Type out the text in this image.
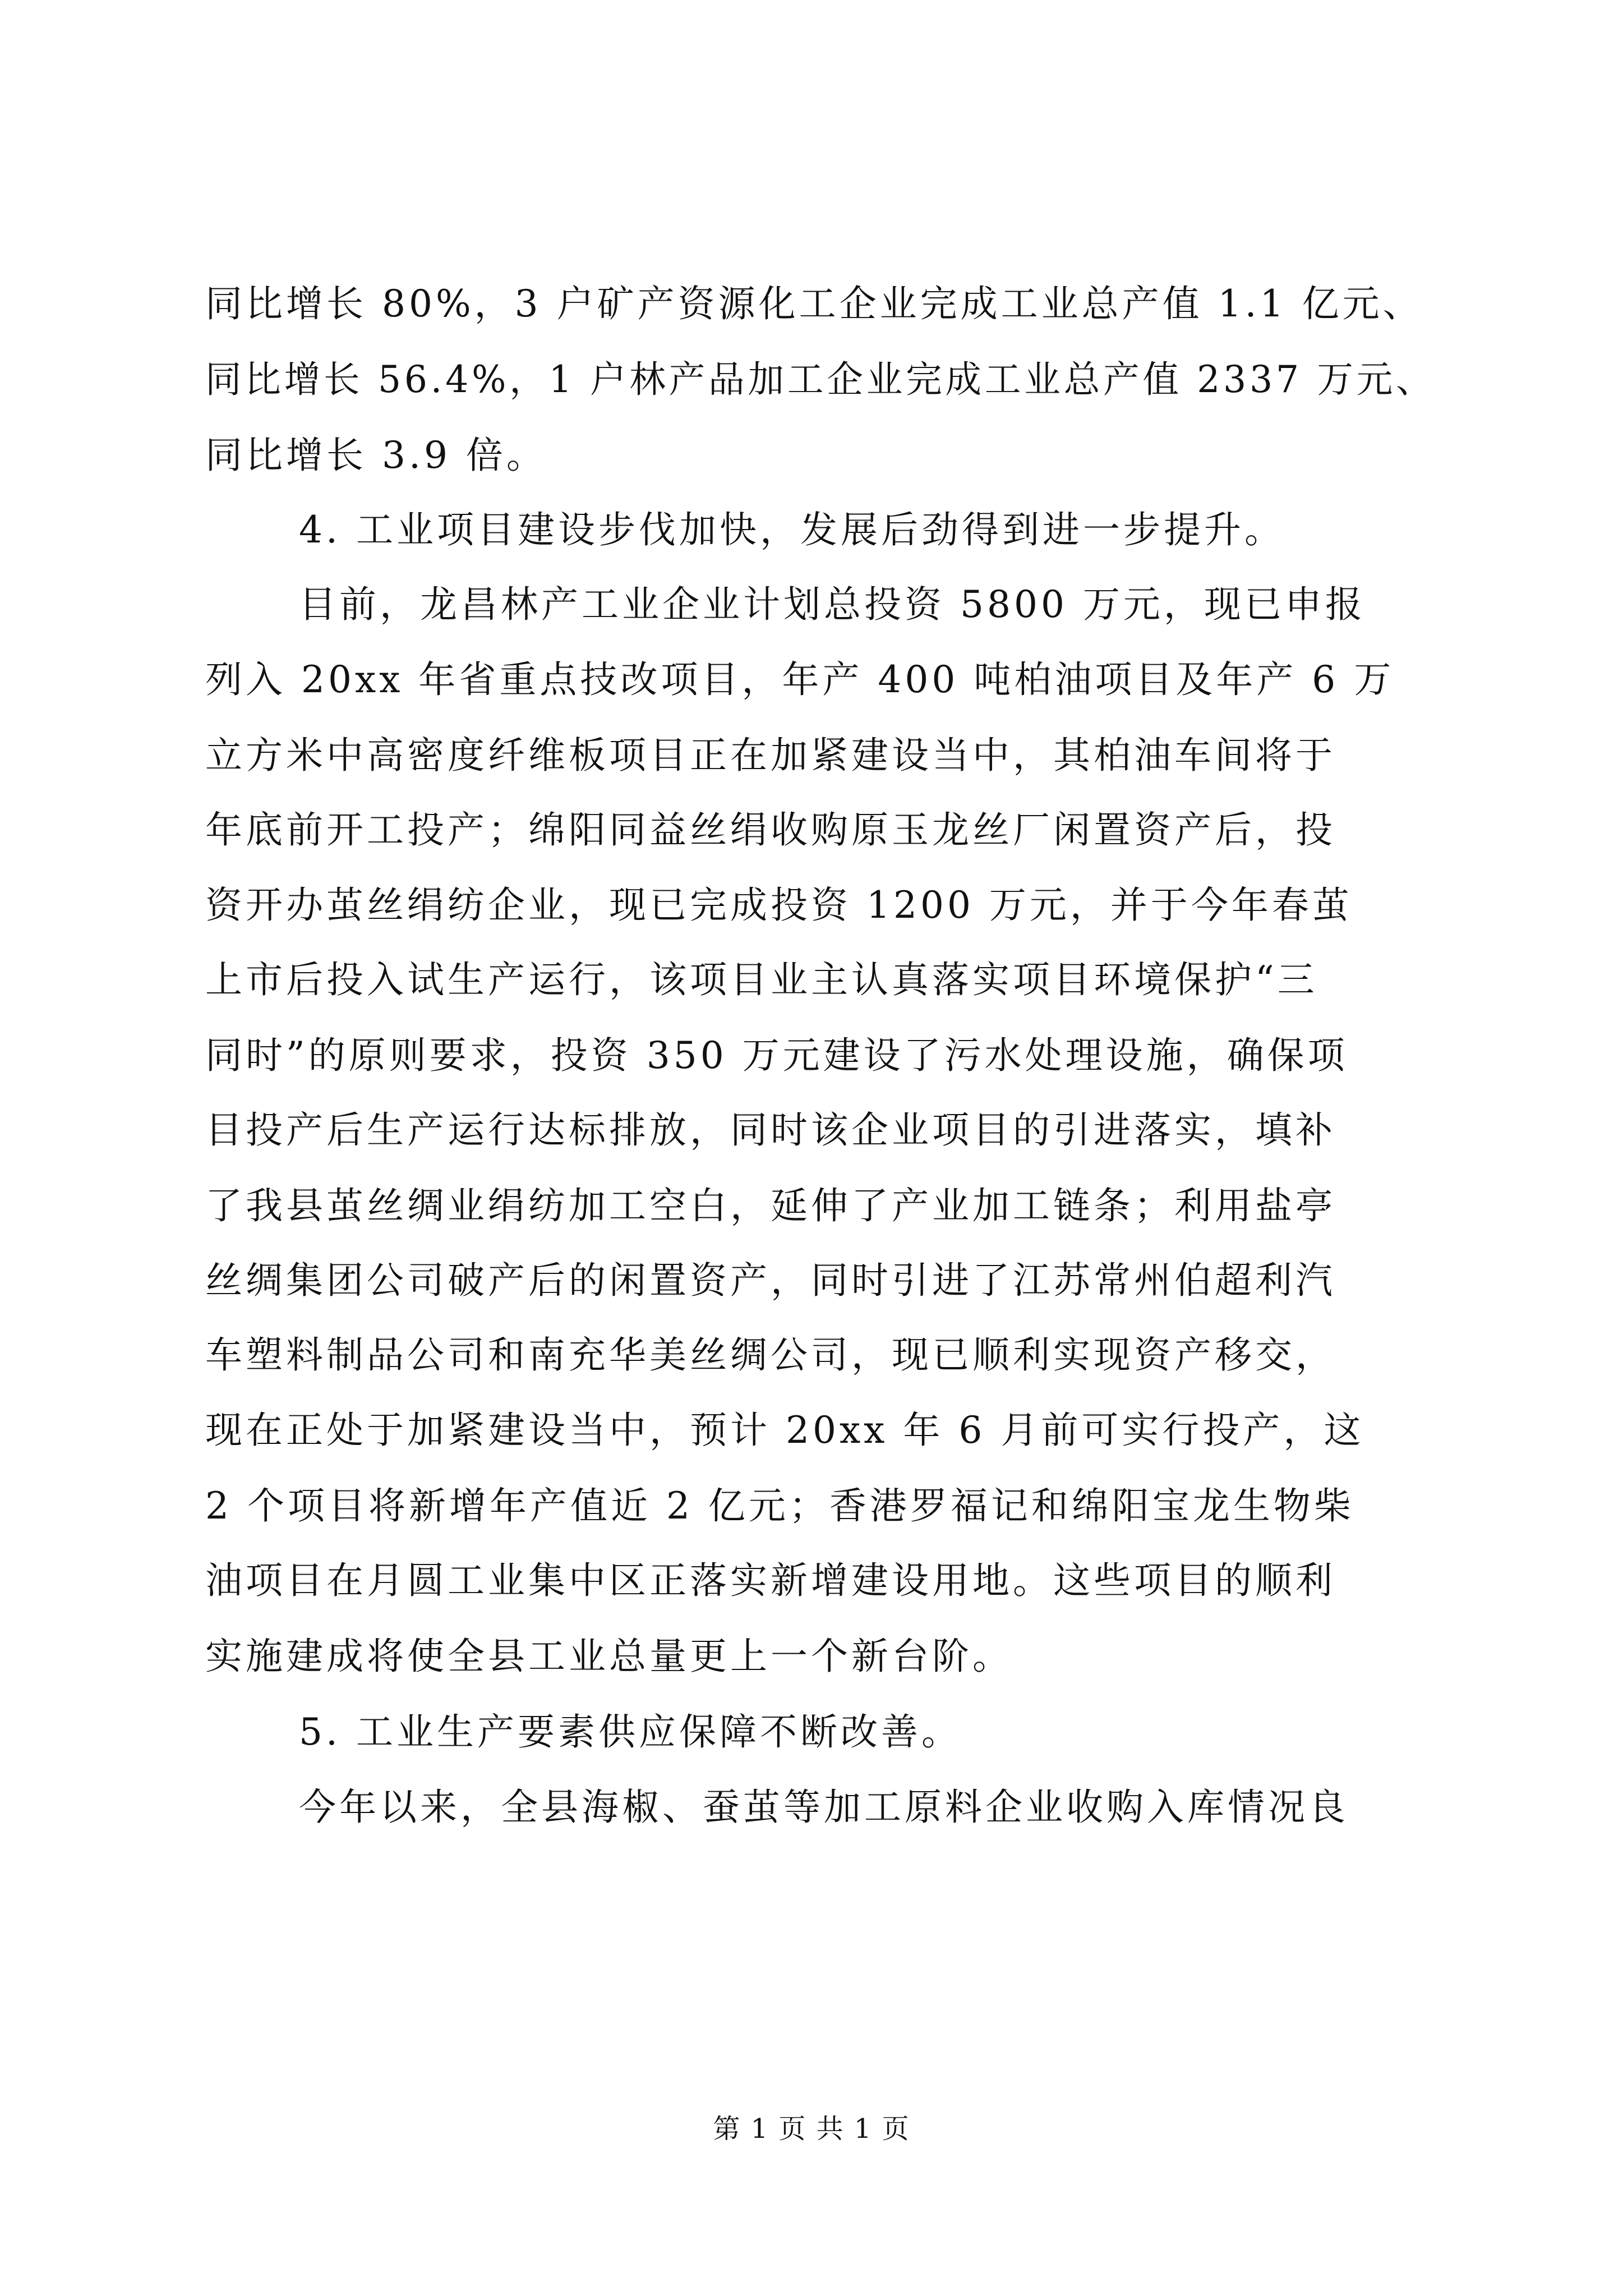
同比增长 80%，3 户矿产资源化工企业完成工业总产值 1.1 亿元、
同比增长 56.4%，1 户林产品加工企业完成工业总产值 2337 万元、
同比增长 3.9 倍。
4. 工业项目建设步伐加快，发展后劲得到进一步提升。
目前，龙昌林产工业企业计划总投资 5800 万元，现已申报
列入 20xx 年省重点技改项目，年产 400 吨柏油项目及年产 6 万
立方米中高密度纤维板项目正在加紧建设当中，其柏油车间将于
年底前开工投产；绵阳同益丝绢收购原玉龙丝厂闲置资产后，投
资开办茧丝绢纺企业，现已完成投资 1200 万元，并于今年春茧
上市后投入试生产运行，该项目业主认真落实项目环境保护“三
同时”的原则要求，投资 350 万元建设了污水处理设施，确保项
目投产后生产运行达标排放，同时该企业项目的引进落实，填补
了我县茧丝绸业绢纺加工空白，延伸了产业加工链条；利用盐亭
丝绸集团公司破产后的闲置资产，同时引进了江苏常州伯超利汽
车塑料制品公司和南充华美丝绸公司，现已顺利实现资产移交，
现在正处于加紧建设当中，预计 20xx 年 6 月前可实行投产，这
2 个项目将新增年产值近 2 亿元；香港罗福记和绵阳宝龙生物柴
油项目在月圆工业集中区正落实新增建设用地。这些项目的顺利
实施建成将使全县工业总量更上一个新台阶。
5. 工业生产要素供应保障不断改善。
今年以来，全县海椒、蚕茧等加工原料企业收购入库情况良
第 1 页 共 1 页
